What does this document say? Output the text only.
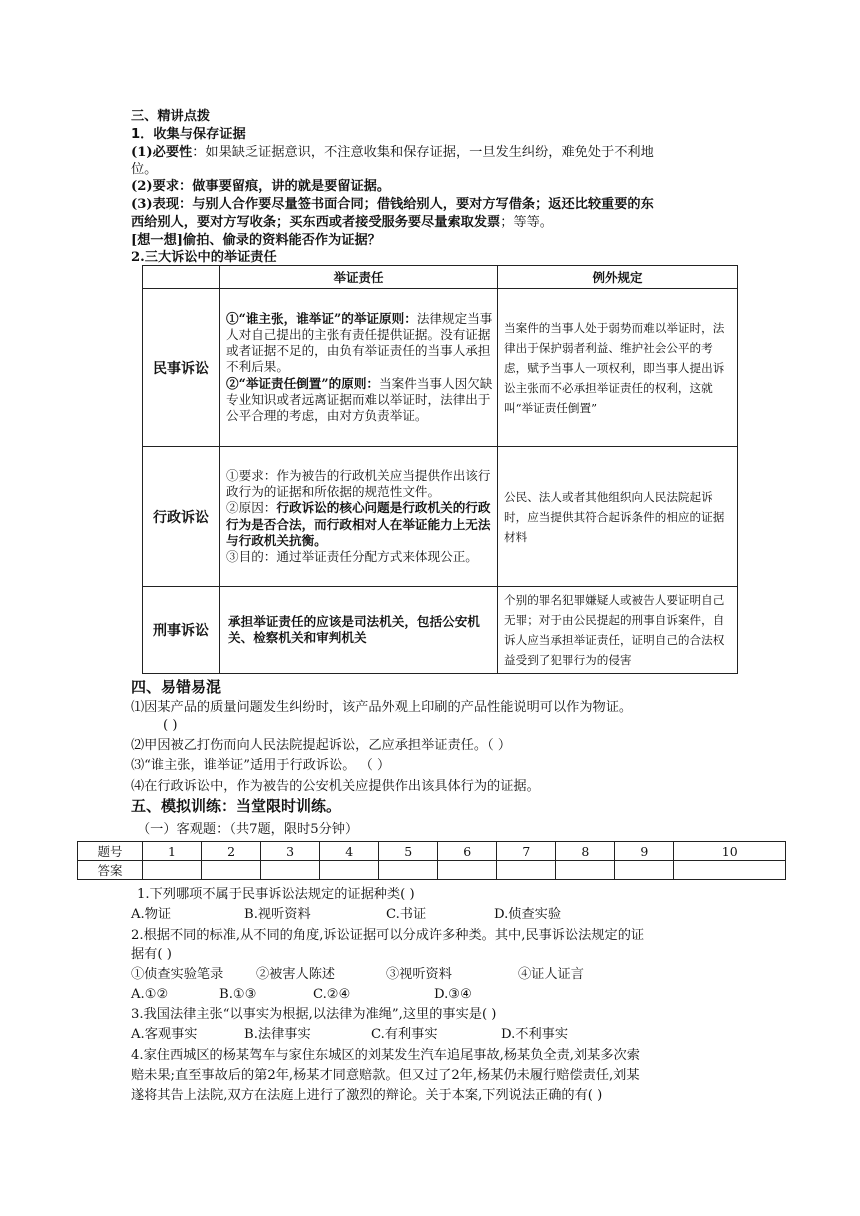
三、精讲点拨
1．收集与保存证据
(1)必要性：如果缺乏证据意识，不注意收集和保存证据，一旦发生纠纷，难免处于不利地
位。
(2)要求：做事要留痕，讲的就是要留证据。
(3)表现：与别人合作要尽量签书面合同；借钱给别人，要对方写借条；返还比较重要的东
西给别人，要对方写收条；买东西或者接受服务要尽量索取发票；等等。
[想一想]偷拍、偷录的资料能否作为证据？
2.三大诉讼中的举证责任
	举证责任	例外规定
民事诉讼	①“谁主张，谁举证”的举证原则：法律规定当事人对自己提出的主张有责任提供证据。没有证据或者证据不足的，由负有举证责任的当事人承担不利后果。
②“举证责任倒置”的原则：当案件当事人因欠缺专业知识或者远离证据而难以举证时，法律出于公平合理的考虑，由对方负责举证。	当案件的当事人处于弱势而难以举证时，法律出于保护弱者利益、维护社会公平的考虑，赋予当事人一项权利，即当事人提出诉讼主张而不必承担举证责任的权利，这就叫“举证责任倒置”
行政诉讼	①要求：作为被告的行政机关应当提供作出该行政行为的证据和所依据的规范性文件。
②原因：行政诉讼的核心问题是行政机关的行政行为是否合法，而行政相对人在举证能力上无法与行政机关抗衡。
③目的：通过举证责任分配方式来体现公正。	公民、法人或者其他组织向人民法院起诉时，应当提供其符合起诉条件的相应的证据材料
刑事诉讼	承担举证责任的应该是司法机关，包括公安机关、检察机关和审判机关	个别的罪名犯罪嫌疑人或被告人要证明自己无罪；对于由公民提起的刑事自诉案件，自诉人应当承担举证责任，证明自己的合法权益受到了犯罪行为的侵害
四、易错易混
⑴因某产品的质量问题发生纠纷时，该产品外观上印刷的产品性能说明可以作为物证。
( )
⑵甲因被乙打伤而向人民法院提起诉讼，乙应承担举证责任。（ ）
⑶“谁主张，谁举证”适用于行政诉讼。 （ ）
⑷在行政诉讼中，作为被告的公安机关应提供作出该具体行为的证据。
五、模拟训练：当堂限时训练。
（一）客观题：（共7题，限时5分钟）
题号	1	2	3	4	5	6	7	8	9	10
答案										
1.下列哪项不属于民事诉讼法规定的证据种类( )
A.物证	B.视听资料	C.书证	D.侦查实验
2.根据不同的标准,从不同的角度,诉讼证据可以分成许多种类。其中,民事诉讼法规定的证
据有( )
①侦查实验笔录 ②被害人陈述	③视听资料	④证人证言
A.①②	B.①③	C.②④	D.③④
3.我国法律主张“以事实为根据,以法律为准绳”,这里的事实是( )
A.客观事实	B.法律事实	C.有利事实	D.不利事实
4.家住西城区的杨某驾车与家住东城区的刘某发生汽车追尾事故,杨某负全责,刘某多次索
赔未果;直至事故后的第2年,杨某才同意赔款。但又过了2年,杨某仍未履行赔偿责任,刘某
遂将其告上法院,双方在法庭上进行了激烈的辩论。关于本案,下列说法正确的有( )
